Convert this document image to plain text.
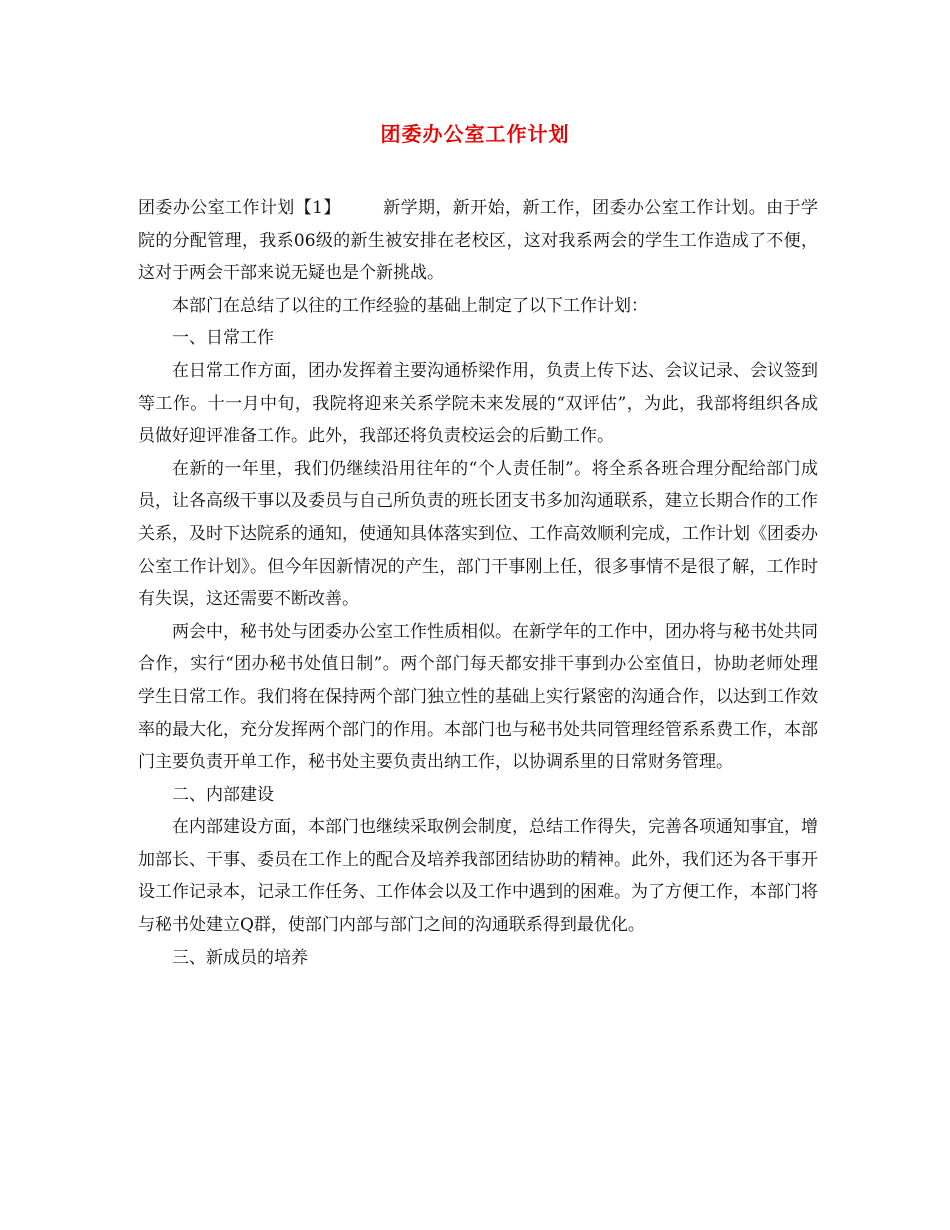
团委办公室工作计划

团委办公室工作计划【1】 新学期，新开始，新工作，团委办公室工作计划。由于学院的分配管理，我系06级的新生被安排在老校区，这对我系两会的学生工作造成了不便，这对于两会干部来说无疑也是个新挑战。

本部门在总结了以往的工作经验的基础上制定了以下工作计划：

一、日常工作

在日常工作方面，团办发挥着主要沟通桥梁作用，负责上传下达、会议记录、会议签到等工作。十一月中旬，我院将迎来关系学院未来发展的“双评估”，为此，我部将组织各成员做好迎评准备工作。此外，我部还将负责校运会的后勤工作。

在新的一年里，我们仍继续沿用往年的“个人责任制”。将全系各班合理分配给部门成员，让各高级干事以及委员与自己所负责的班长团支书多加沟通联系，建立长期合作的工作关系，及时下达院系的通知，使通知具体落实到位、工作高效顺利完成，工作计划《团委办公室工作计划》。但今年因新情况的产生，部门干事刚上任，很多事情不是很了解，工作时有失误，这还需要不断改善。

两会中，秘书处与团委办公室工作性质相似。在新学年的工作中，团办将与秘书处共同合作，实行“团办秘书处值日制”。两个部门每天都安排干事到办公室值日，协助老师处理学生日常工作。我们将在保持两个部门独立性的基础上实行紧密的沟通合作，以达到工作效率的最大化，充分发挥两个部门的作用。本部门也与秘书处共同管理经管系系费工作，本部门主要负责开单工作，秘书处主要负责出纳工作，以协调系里的日常财务管理。

二、内部建设

在内部建设方面，本部门也继续采取例会制度，总结工作得失，完善各项通知事宜，增加部长、干事、委员在工作上的配合及培养我部团结协助的精神。此外，我们还为各干事开设工作记录本，记录工作任务、工作体会以及工作中遇到的困难。为了方便工作，本部门将与秘书处建立Q群，使部门内部与部门之间的沟通联系得到最优化。

三、新成员的培养
